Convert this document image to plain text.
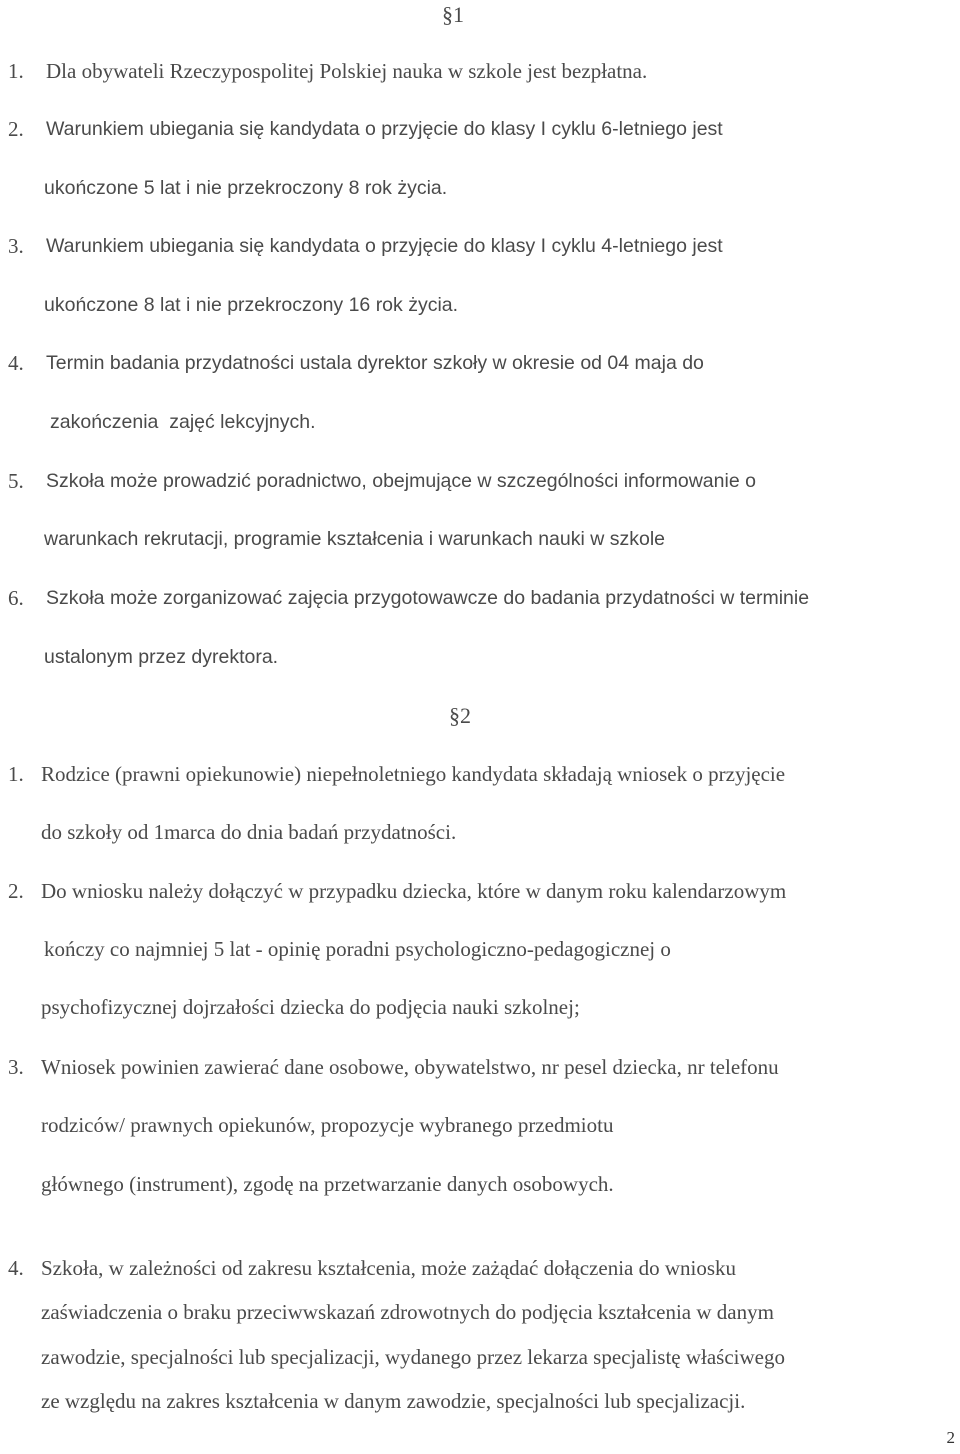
§1
1. Dla obywateli Rzeczypospolitej Polskiej nauka w szkole jest bezpłatna.
2. Warunkiem ubiegania się kandydata o przyjęcie do klasy I cyklu 6-letniego jest
ukończone 5 lat i nie przekroczony 8 rok życia.
3. Warunkiem ubiegania się kandydata o przyjęcie do klasy I cyklu 4-letniego jest
ukończone 8 lat i nie przekroczony 16 rok życia.
4. Termin badania przydatności ustala dyrektor szkoły w okresie od 04 maja do
zakończenia  zajęć lekcyjnych.
5. Szkoła może prowadzić poradnictwo, obejmujące w szczególności informowanie o
warunkach rekrutacji, programie kształcenia i warunkach nauki w szkole
6. Szkoła może zorganizować zajęcia przygotowawcze do badania przydatności w terminie
ustalonym przez dyrektora.
§2
1. Rodzice (prawni opiekunowie) niepełnoletniego kandydata składają wniosek o przyjęcie
do szkoły od 1marca do dnia badań przydatności.
2. Do wniosku należy dołączyć w przypadku dziecka, które w danym roku kalendarzowym
kończy co najmniej 5 lat - opinię poradni psychologiczno-pedagogicznej o
psychofizycznej dojrzałości dziecka do podjęcia nauki szkolnej;
3. Wniosek powinien zawierać dane osobowe, obywatelstwo, nr pesel dziecka, nr telefonu
rodziców/ prawnych opiekunów, propozycje wybranego przedmiotu
głównego (instrument), zgodę na przetwarzanie danych osobowych.
4. Szkoła, w zależności od zakresu kształcenia, może zażądać dołączenia do wniosku
zaświadczenia o braku przeciwwskazań zdrowotnych do podjęcia kształcenia w danym
zawodzie, specjalności lub specjalizacji, wydanego przez lekarza specjalistę właściwego
ze względu na zakres kształcenia w danym zawodzie, specjalności lub specjalizacji.
2
